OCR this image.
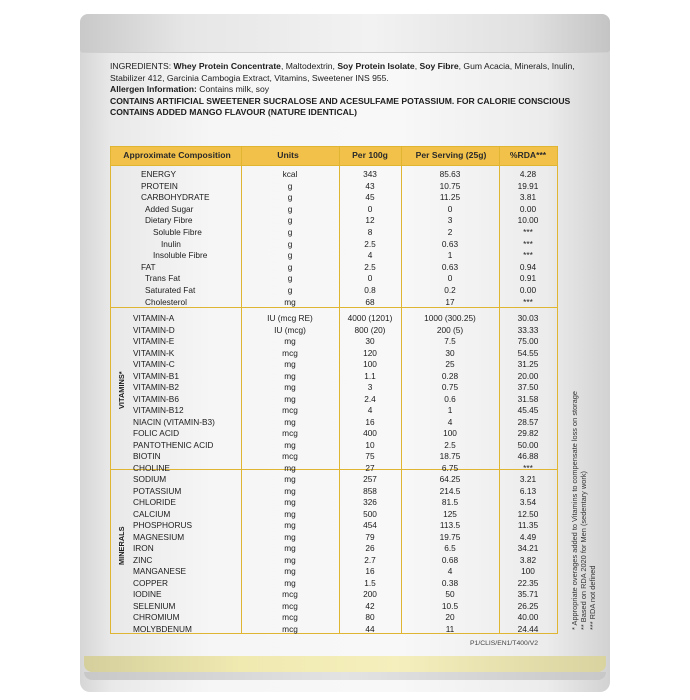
INGREDIENTS: Whey Protein Concentrate, Maltodextrin, Soy Protein Isolate, Soy Fibre, Gum Acacia, Minerals, Inulin, Stabilizer 412, Garcinia Cambogia Extract, Vitamins, Sweetener INS 955.
Allergen Information: Contains milk, soy
CONTAINS ARTIFICIAL SWEETENER SUCRALOSE AND ACESULFAME POTASSIUM. FOR CALORIE CONSCIOUS
CONTAINS ADDED MANGO FLAVOUR (NATURE IDENTICAL)
Approximate Composition	Units	Per 100g	Per Serving (25g)	%RDA***
VITAMINS*
MINERALS
ENERGY	kcal	343	85.63	4.28
PROTEIN	g	43	10.75	19.91
CARBOHYDRATE	g	45	11.25	3.81
Added Sugar	g	0	0	0.00
Dietary Fibre	g	12	3	10.00
Soluble Fibre	g	8	2	***
Inulin	g	2.5	0.63	***
Insoluble Fibre	g	4	1	***
FAT	g	2.5	0.63	0.94
Trans Fat	g	0	0	0.91
Saturated Fat	g	0.8	0.2	0.00
Cholesterol	mg	68	17	***
VITAMIN-A	IU (mcg RE)	4000 (1201)	1000 (300.25)	30.03
VITAMIN-D	IU (mcg)	800 (20)	200 (5)	33.33
VITAMIN-E	mg	30	7.5	75.00
VITAMIN-K	mcg	120	30	54.55
VITAMIN-C	mg	100	25	31.25
VITAMIN-B1	mg	1.1	0.28	20.00
VITAMIN-B2	mg	3	0.75	37.50
VITAMIN-B6	mg	2.4	0.6	31.58
VITAMIN-B12	mcg	4	1	45.45
NIACIN (VITAMIN-B3)	mg	16	4	28.57
FOLIC ACID	mcg	400	100	29.82
PANTOTHENIC ACID	mg	10	2.5	50.00
BIOTIN	mcg	75	18.75	46.88
CHOLINE	mg	27	6.75	***
SODIUM	mg	257	64.25	3.21
POTASSIUM	mg	858	214.5	6.13
CHLORIDE	mg	326	81.5	3.54
CALCIUM	mg	500	125	12.50
PHOSPHORUS	mg	454	113.5	11.35
MAGNESIUM	mg	79	19.75	4.49
IRON	mg	26	6.5	34.21
ZINC	mg	2.7	0.68	3.82
MANGANESE	mg	16	4	100
COPPER	mg	1.5	0.38	22.35
IODINE	mcg	200	50	35.71
SELENIUM	mcg	42	10.5	26.25
CHROMIUM	mcg	80	20	40.00
MOLYBDENUM	mcg	44	11	24.44	* Appropriate overages added to Vitamins to compensate loss on storage ** Based on RDA 2020 for Men (sedentary work) *** RDA not defined
P1/CLIS/EN1/T400/V2
